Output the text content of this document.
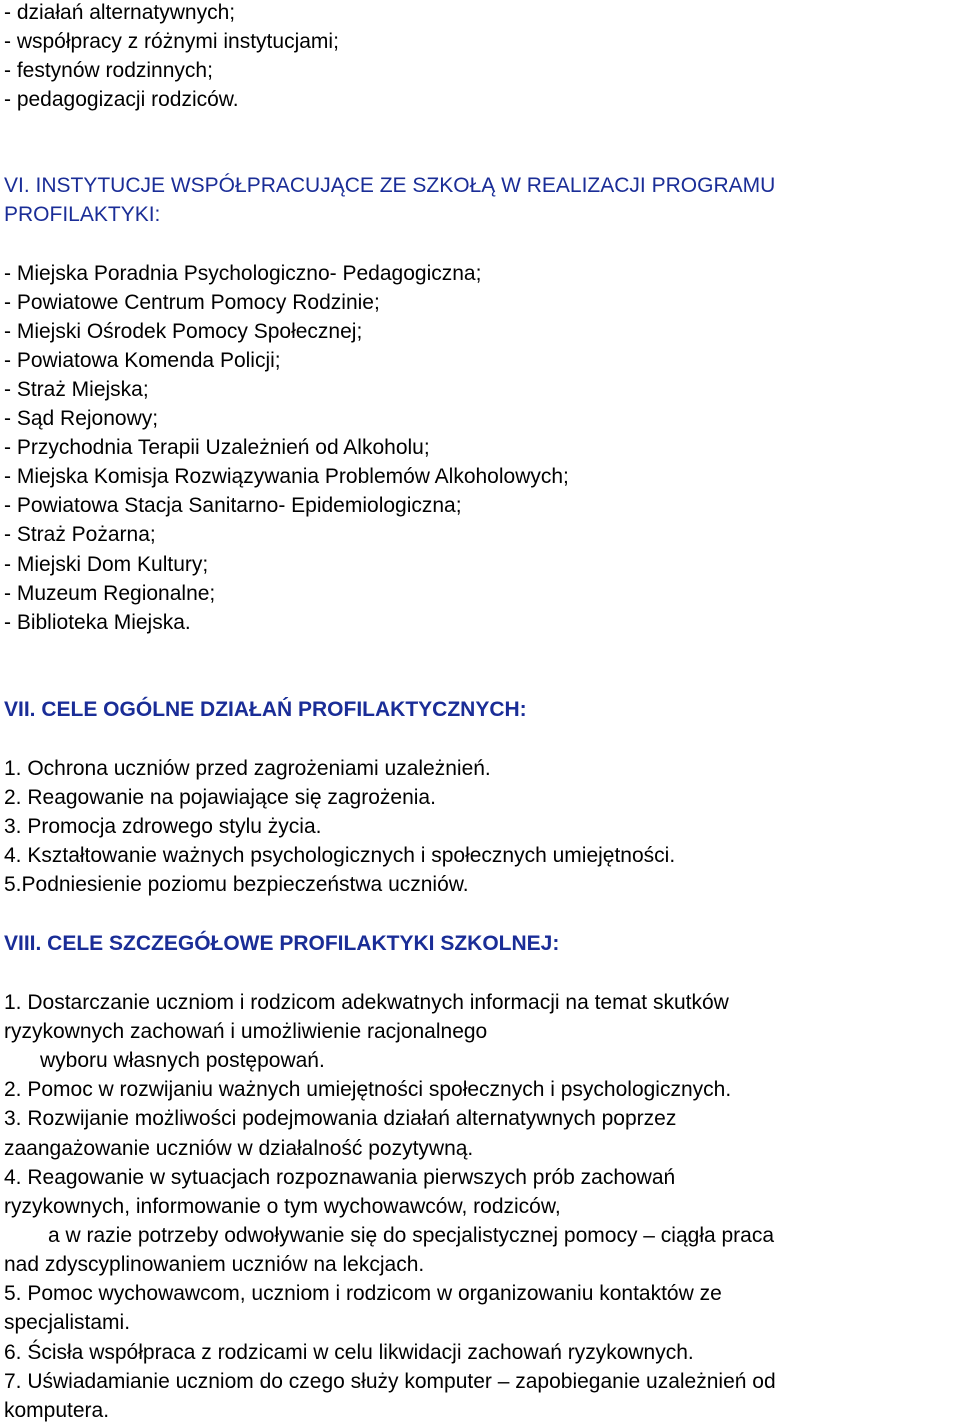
- działań alternatywnych;
- współpracy z różnymi instytucjami;
- festynów rodzinnych;
- pedagogizacji rodziców.
VI. INSTYTUCJE WSPÓŁPRACUJĄCE ZE SZKOŁĄ W REALIZACJI PROGRAMU
PROFILAKTYKI:
- Miejska Poradnia Psychologiczno- Pedagogiczna;
- Powiatowe Centrum Pomocy Rodzinie;
- Miejski Ośrodek Pomocy Społecznej;
- Powiatowa Komenda Policji;
- Straż Miejska;
- Sąd Rejonowy;
- Przychodnia Terapii Uzależnień od Alkoholu;
- Miejska Komisja Rozwiązywania Problemów Alkoholowych;
- Powiatowa Stacja Sanitarno- Epidemiologiczna;
- Straż Pożarna;
- Miejski Dom Kultury;
- Muzeum Regionalne;
- Biblioteka Miejska.
VII. CELE OGÓLNE DZIAŁAŃ PROFILAKTYCZNYCH:
1. Ochrona uczniów przed zagrożeniami uzależnień.
2. Reagowanie na pojawiające się zagrożenia.
3. Promocja zdrowego stylu życia.
4. Kształtowanie ważnych psychologicznych i społecznych umiejętności.
5.Podniesienie poziomu bezpieczeństwa uczniów.
VIII. CELE SZCZEGÓŁOWE PROFILAKTYKI SZKOLNEJ:
1. Dostarczanie uczniom i rodzicom adekwatnych informacji na temat skutków
ryzykownych zachowań i umożliwienie racjonalnego
wyboru własnych postępowań.
2. Pomoc w rozwijaniu ważnych umiejętności społecznych i psychologicznych.
3. Rozwijanie możliwości podejmowania działań alternatywnych poprzez
zaangażowanie uczniów w działalność pozytywną.
4. Reagowanie w sytuacjach rozpoznawania pierwszych prób zachowań
ryzykownych, informowanie o tym wychowawców, rodziców,
a w razie potrzeby odwoływanie się do specjalistycznej pomocy – ciągła praca
nad zdyscyplinowaniem uczniów na lekcjach.
5. Pomoc wychowawcom, uczniom i rodzicom w organizowaniu kontaktów ze
specjalistami.
6. Ścisła współpraca z rodzicami w celu likwidacji zachowań ryzykownych.
7. Uświadamianie uczniom do czego służy komputer – zapobieganie uzależnień od
komputera.
